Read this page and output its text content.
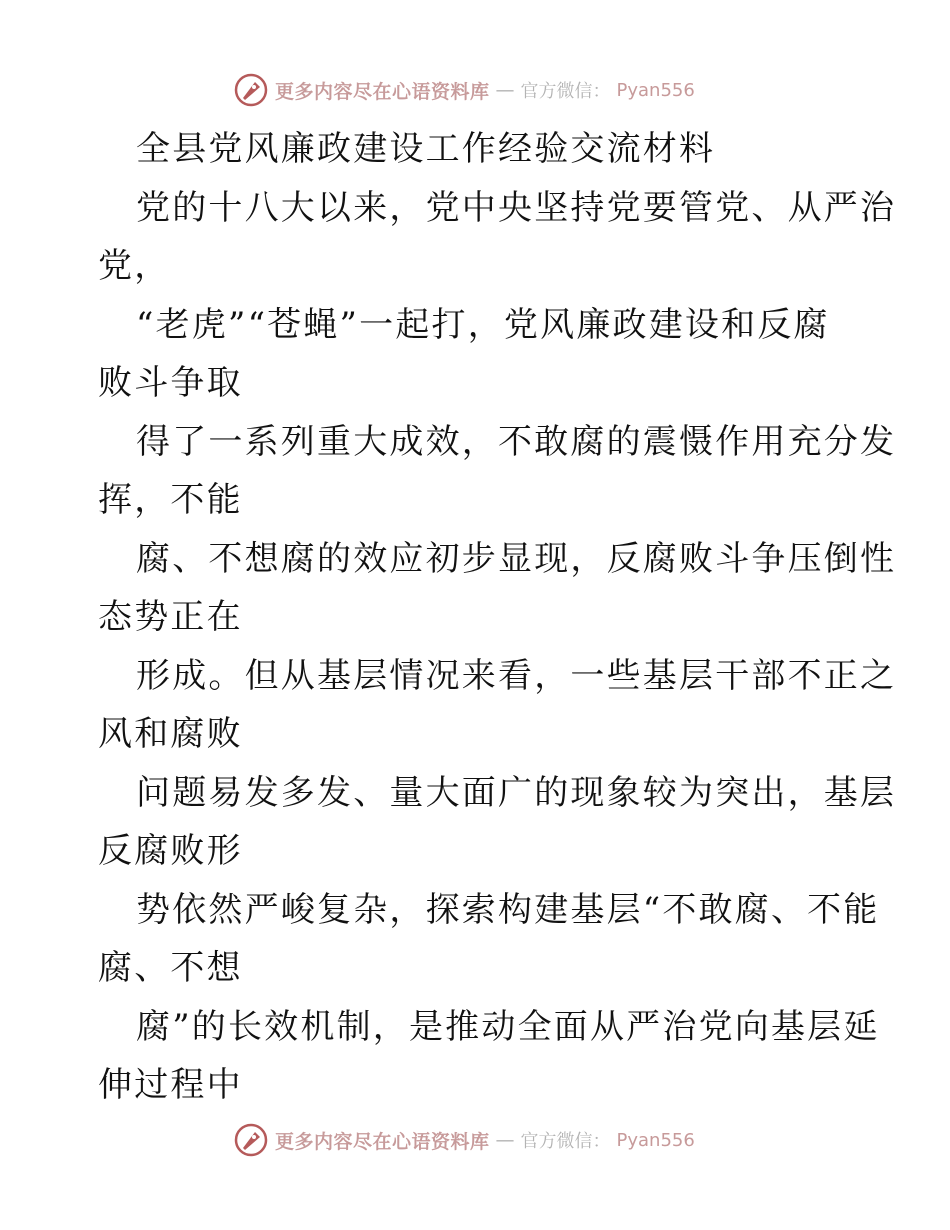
更多内容尽在心语资料库 — 官方微信： Pyan556
全县党风廉政建设工作经验交流材料
党的十八大以来，党中央坚持党要管党、从严治
党，
“老虎”“苍蝇”一起打，党风廉政建设和反腐
败斗争取
得了一系列重大成效，不敢腐的震慑作用充分发
挥，不能
腐、不想腐的效应初步显现，反腐败斗争压倒性
态势正在
形成。但从基层情况来看，一些基层干部不正之
风和腐败
问题易发多发、量大面广的现象较为突出，基层
反腐败形
势依然严峻复杂，探索构建基层“不敢腐、不能
腐、不想
腐”的长效机制，是推动全面从严治党向基层延
伸过程中
更多内容尽在心语资料库 — 官方微信： Pyan556
